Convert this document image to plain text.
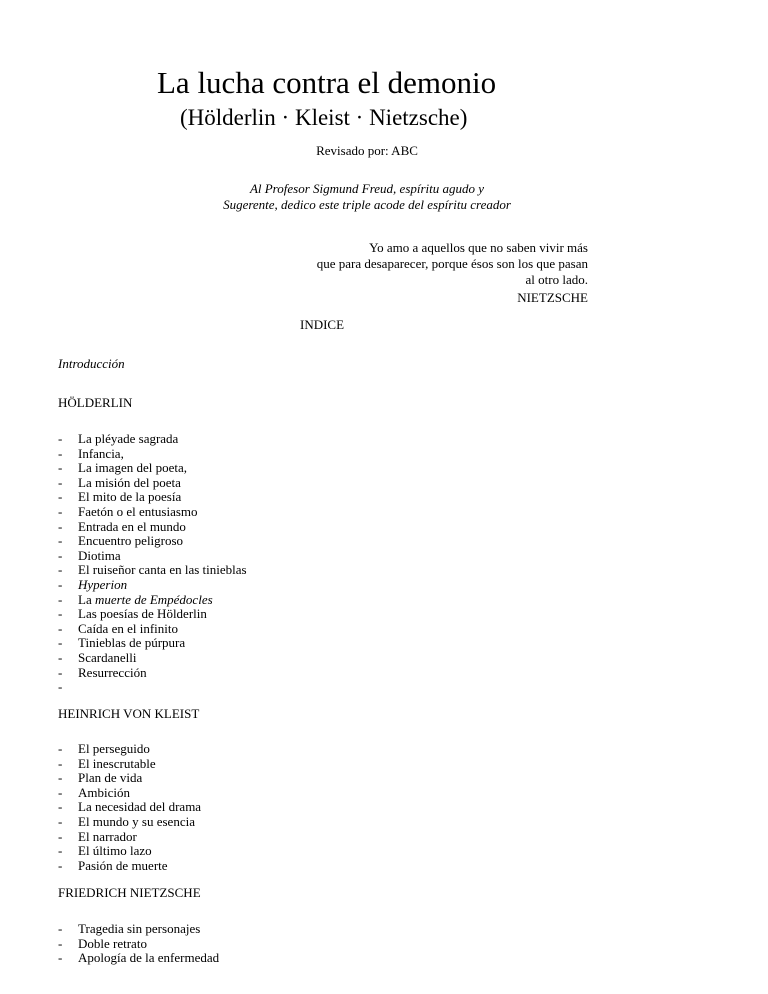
La lucha contra el demonio
(Hölderlin · Kleist · Nietzsche)
Revisado por: ABC
Al Profesor Sigmund Freud, espíritu agudo y
Sugerente, dedico este triple acode del espíritu creador
Yo amo a aquellos que no saben vivir más
que para desaparecer, porque ésos son los que pasan
al otro lado.
NIETZSCHE
INDICE
Introducción
HÖLDERLIN
- La pléyade sagrada
- Infancia,
- La imagen del poeta,
- La misión del poeta
- El mito de la poesía
- Faetón o el entusiasmo
- Entrada en el mundo
- Encuentro peligroso
- Diotima
- El ruiseñor canta en las tinieblas
- Hyperion
- La muerte de Empédocles
- Las poesías de Hölderlin
- Caída en el infinito
- Tinieblas de púrpura
- Scardanelli
- Resurrección
-
HEINRICH VON KLEIST
- El perseguido
- El inescrutable
- Plan de vida
- Ambición
- La necesidad del drama
- El mundo y su esencia
- El narrador
- El último lazo
- Pasión de muerte
FRIEDRICH NIETZSCHE
- Tragedia sin personajes
- Doble retrato
- Apología de la enfermedad
